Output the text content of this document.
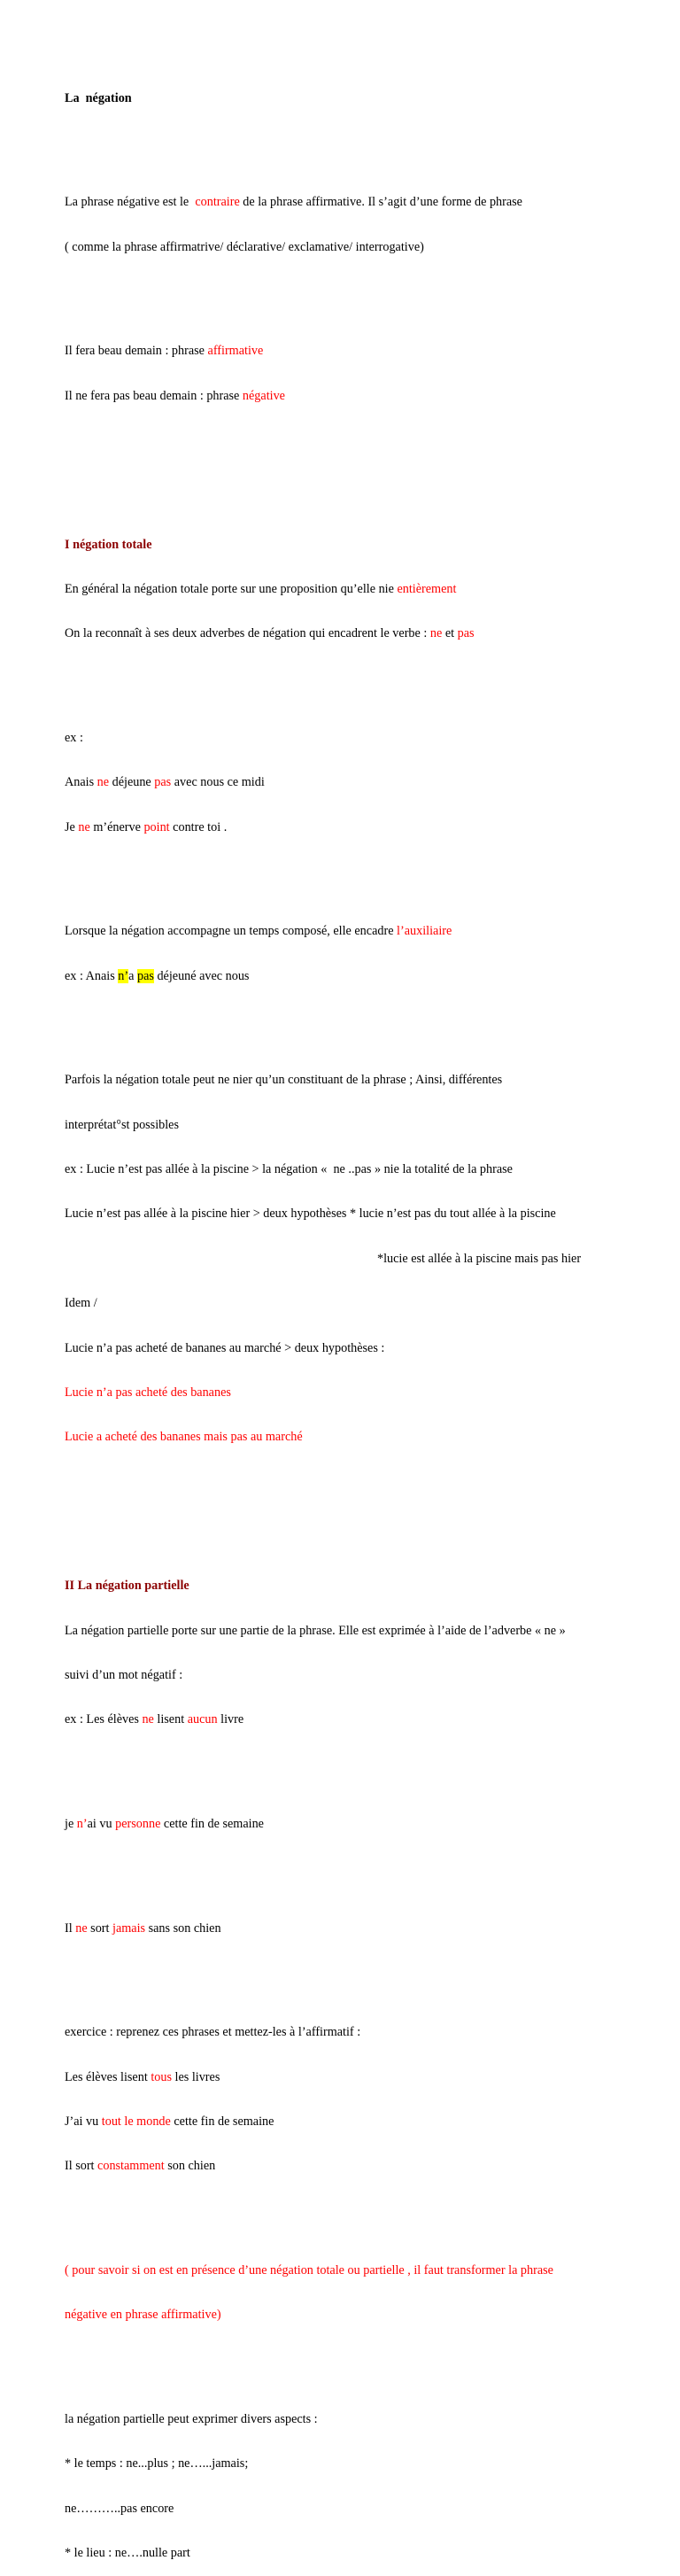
La  négation

La phrase négative est le  contraire de la phrase affirmative. Il s’agit d’une forme de phrase

( comme la phrase affirmatrive/ déclarative/ exclamative/ interrogative)

Il fera beau demain : phrase affirmative

Il ne fera pas beau demain : phrase négative

I négation totale

En général la négation totale porte sur une proposition qu’elle nie entièrement

On la reconnaît à ses deux adverbes de négation qui encadrent le verbe : ne et pas

ex :

Anais ne déjeune pas avec nous ce midi

Je ne m’énerve point contre toi .

Lorsque la négation accompagne un temps composé, elle encadre l’auxiliaire

ex : Anais n’a pas déjeuné avec nous

Parfois la négation totale peut ne nier qu’un constituant de la phrase ; Ainsi, différentes

interprétat°st possibles

ex : Lucie n’est pas allée à la piscine > la négation «  ne ..pas » nie la totalité de la phrase

Lucie n’est pas allée à la piscine hier > deux hypothèses * lucie n’est pas du tout allée à la piscine

*lucie est allée à la piscine mais pas hier

Idem /

Lucie n’a pas acheté de bananes au marché > deux hypothèses :

Lucie n’a pas acheté des bananes

Lucie a acheté des bananes mais pas au marché

II La négation partielle

La négation partielle porte sur une partie de la phrase. Elle est exprimée à l’aide de l’adverbe « ne »

suivi d’un mot négatif :

ex : Les élèves ne lisent aucun livre

je n’ai vu personne cette fin de semaine

Il ne sort jamais sans son chien

exercice : reprenez ces phrases et mettez-les à l’affirmatif :

Les élèves lisent tous les livres

J’ai vu tout le monde cette fin de semaine

Il sort constamment son chien

( pour savoir si on est en présence d’une négation totale ou partielle , il faut transformer la phrase

négative en phrase affirmative)

la négation partielle peut exprimer divers aspects :

* le temps : ne...plus ; ne…...jamais;

ne………..pas encore

* le lieu : ne….nulle part
